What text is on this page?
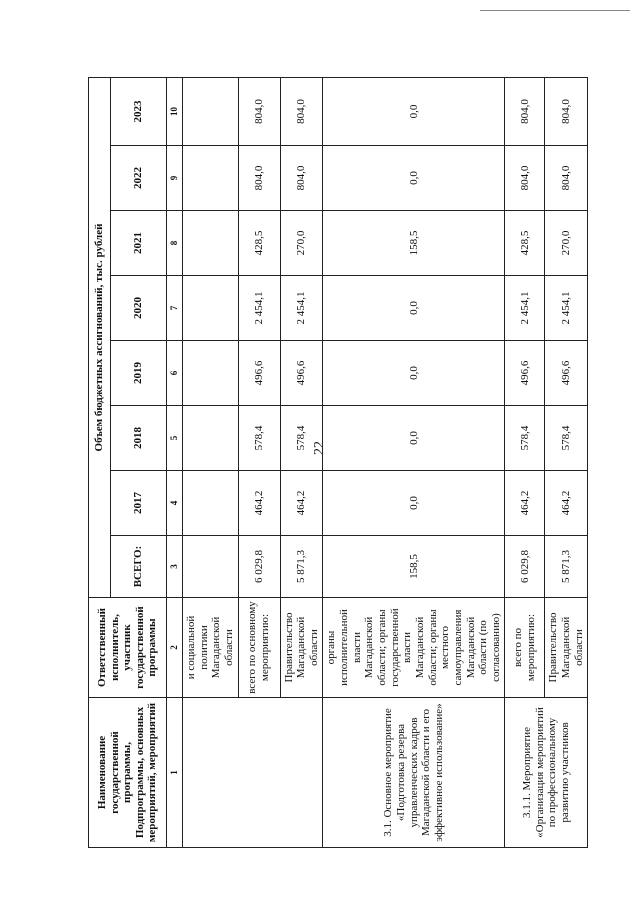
22
Наименование государственной программы, Подпрограммы, основных мероприятий, мероприятий	Ответственный исполнитель, участник государственной программы	Объем бюджетных ассигнований, тыс. рублей							
		ВСЕГО:	2017	2018	2019	2020	2021	2022	2023
1	2	3	4	5	6	7	8	9	10
	и социальной политики Магаданской области								
	всего по основному мероприятию:	6 029,8	464,2	578,4	496,6	2 454,1	428,5	804,0	804,0
	Правительство Магаданской области	5 871,3	464,2	578,4	496,6	2 454,1	270,0	804,0	804,0
3.1. Основное мероприятие «Подготовка резерва управленческих кадров Магаданской области и его эффективное использование»	органы исполнительной власти Магаданской области; органы государственной власти Магаданской области; органы местного самоуправления Магаданской области (по согласованию)	158,5	0,0	0,0	0,0	0,0	158,5	0,0	0,0
3.1.1. Мероприятие «Организация мероприятий по профессиональному развитию участников	всего по мероприятию:	6 029,8	464,2	578,4	496,6	2 454,1	428,5	804,0	804,0
	Правительство Магаданской области	5 871,3	464,2	578,4	496,6	2 454,1	270,0	804,0	804,0
